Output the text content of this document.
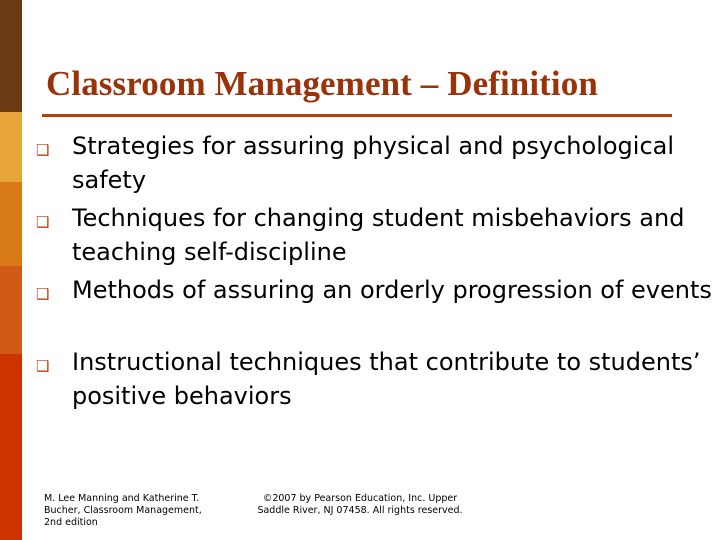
Classroom Management – Definition
❑ Strategies for assuring physical and psychological safety
❑ Techniques for changing student misbehaviors and teaching self-discipline
❑ Methods of assuring an orderly progression of events
❑ Instructional techniques that contribute to students’ positive behaviors
M. Lee Manning and Katherine T. Bucher, Classroom Management, 2nd edition
©2007 by Pearson Education, Inc. Upper Saddle River, NJ 07458. All rights reserved.
